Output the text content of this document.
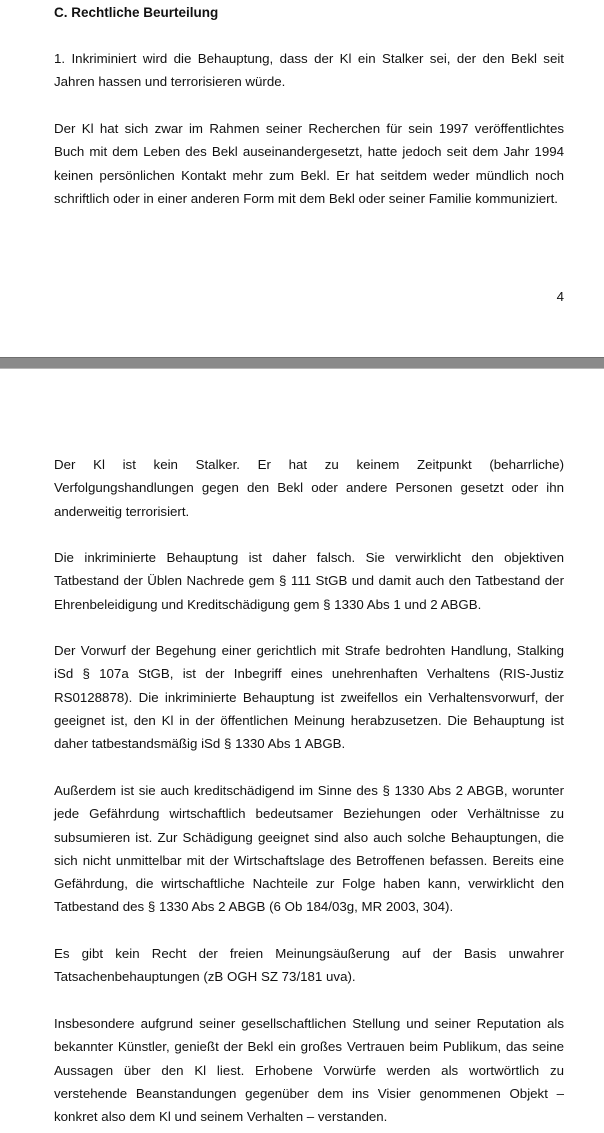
C. Rechtliche Beurteilung

1. Inkriminiert wird die Behauptung, dass der Kl ein Stalker sei, der den Bekl seit Jahren hassen und terrorisieren würde.

Der Kl hat sich zwar im Rahmen seiner Recherchen für sein 1997 veröffentlichtes Buch mit dem Leben des Bekl auseinandergesetzt, hatte jedoch seit dem Jahr 1994 keinen persönlichen Kontakt mehr zum Bekl. Er hat seitdem weder mündlich noch schriftlich oder in einer anderen Form mit dem Bekl oder seiner Familie kommuniziert.

4

Der Kl ist kein Stalker. Er hat zu keinem Zeitpunkt (beharrliche) Verfolgungshandlungen gegen den Bekl oder andere Personen gesetzt oder ihn anderweitig terrorisiert.

Die inkriminierte Behauptung ist daher falsch. Sie verwirklicht den objektiven Tatbestand der Üblen Nachrede gem § 111 StGB und damit auch den Tatbestand der Ehrenbeleidigung und Kreditschädigung gem § 1330 Abs 1 und 2 ABGB.

Der Vorwurf der Begehung einer gerichtlich mit Strafe bedrohten Handlung, Stalking iSd § 107a StGB, ist der Inbegriff eines unehrenhaften Verhaltens (RIS-Justiz RS0128878). Die inkriminierte Behauptung ist zweifellos ein Verhaltensvorwurf, der geeignet ist, den Kl in der öffentlichen Meinung herabzusetzen. Die Behauptung ist daher tatbestandsmäßig iSd § 1330 Abs 1 ABGB.

Außerdem ist sie auch kreditschädigend im Sinne des § 1330 Abs 2 ABGB, worunter jede Gefährdung wirtschaftlich bedeutsamer Beziehungen oder Verhältnisse zu subsumieren ist. Zur Schädigung geeignet sind also auch solche Behauptungen, die sich nicht unmittelbar mit der Wirtschaftslage des Betroffenen befassen. Bereits eine Gefährdung, die wirtschaftliche Nachteile zur Folge haben kann, verwirklicht den Tatbestand des § 1330 Abs 2 ABGB (6 Ob 184/03g, MR 2003, 304).

Es gibt kein Recht der freien Meinungsäußerung auf der Basis unwahrer Tatsachenbehauptungen (zB OGH SZ 73/181 uva).

Insbesondere aufgrund seiner gesellschaftlichen Stellung und seiner Reputation als bekannter Künstler, genießt der Bekl ein großes Vertrauen beim Publikum, das seine Aussagen über den Kl liest. Erhobene Vorwürfe werden als wortwörtlich zu verstehende Beanstandungen gegenüber dem ins Visier genommenen Objekt – konkret also dem Kl und seinem Verhalten – verstanden.
